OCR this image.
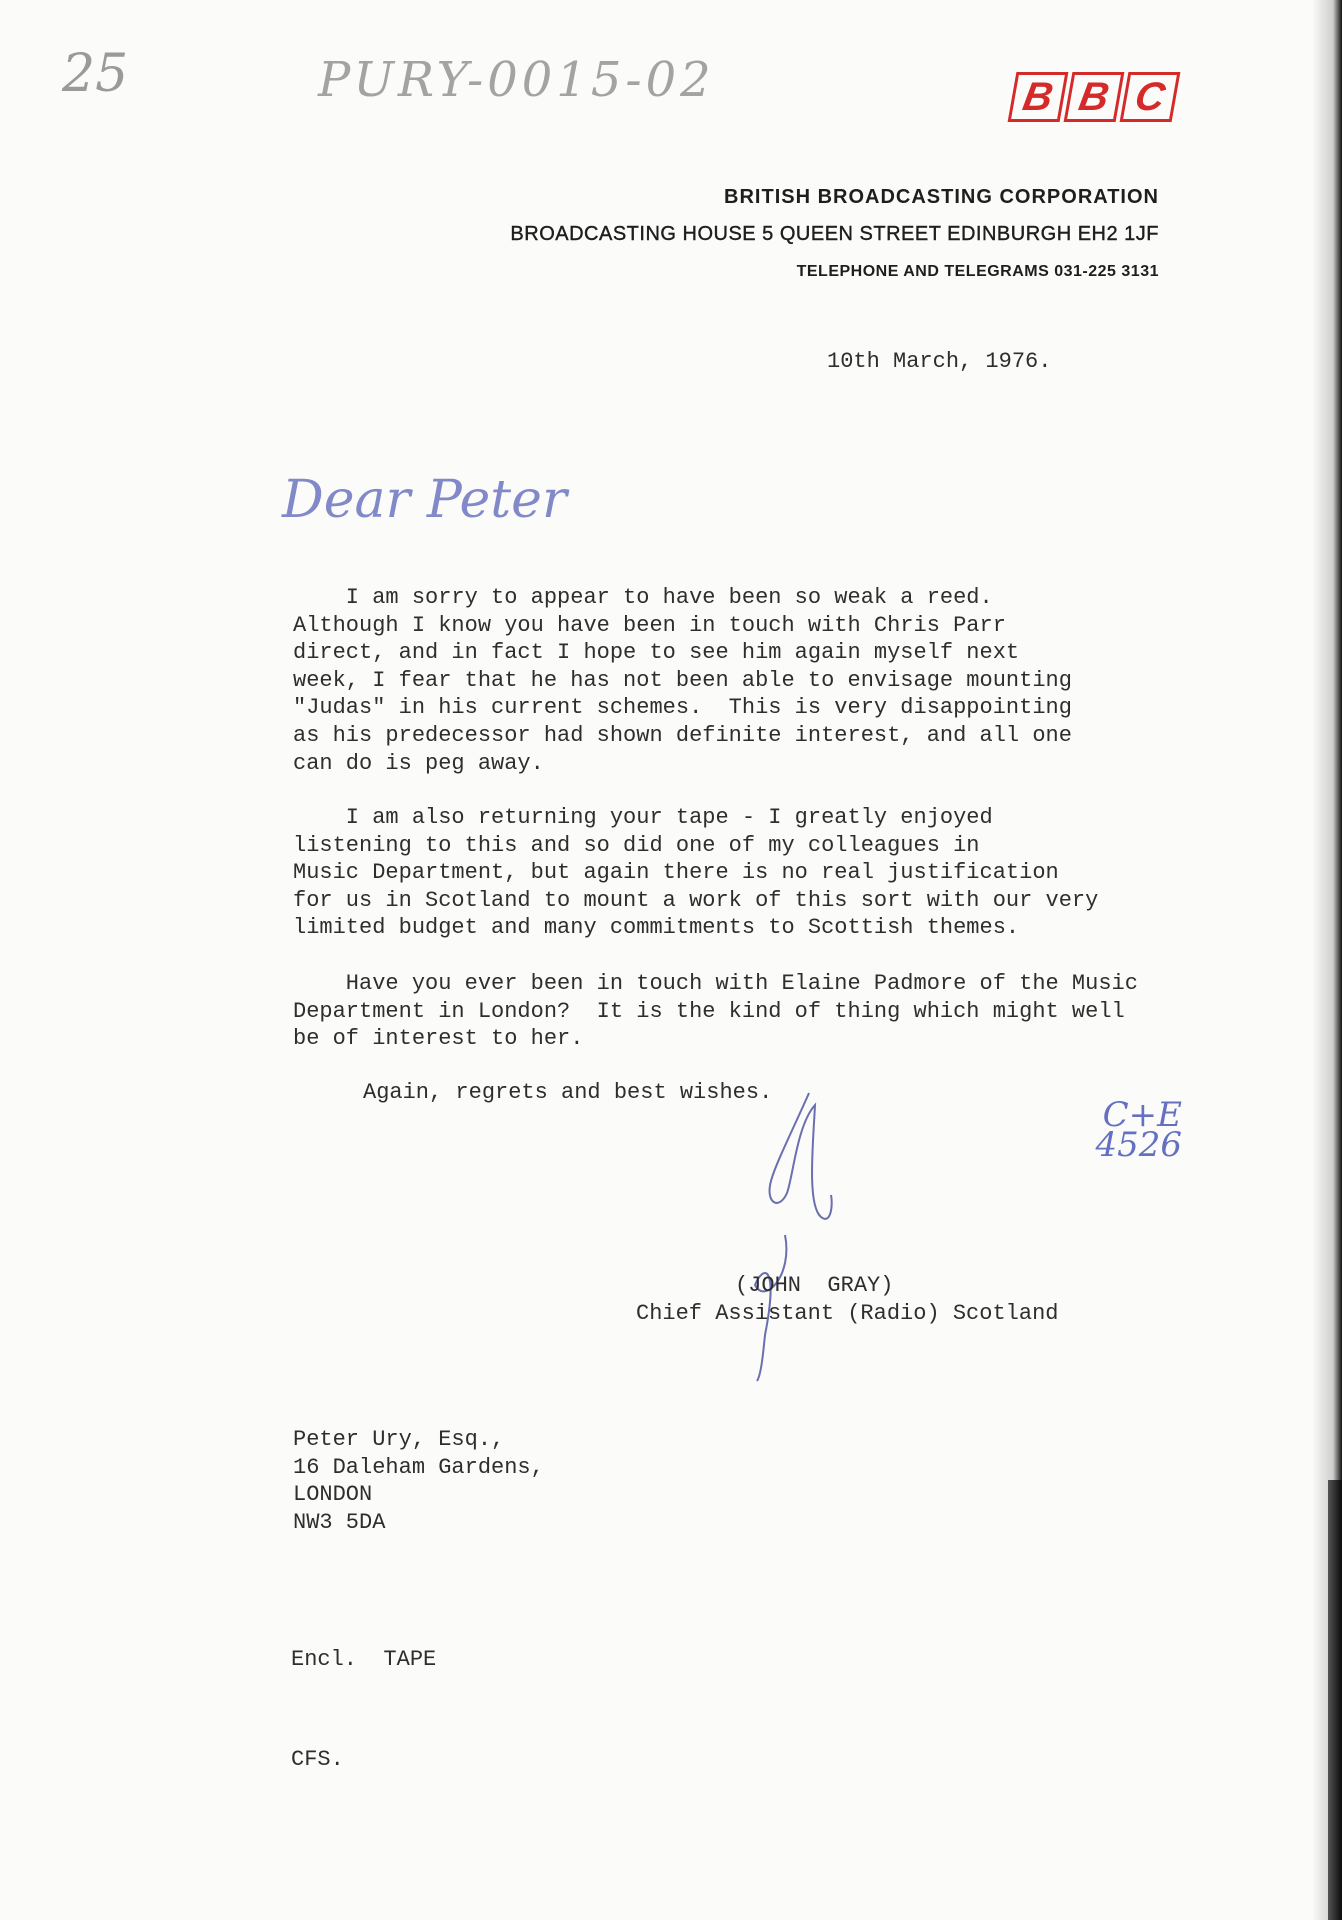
25	PURY-0015-02	B B C
BRITISH BROADCASTING CORPORATION
BROADCASTING HOUSE 5 QUEEN STREET EDINBURGH EH2 1JF
TELEPHONE AND TELEGRAMS 031-225 3131
10th March, 1976.
Dear Peter
I am sorry to appear to have been so weak a reed.
Although I know you have been in touch with Chris Parr
direct, and in fact I hope to see him again myself next
week, I fear that he has not been able to envisage mounting
"Judas" in his current schemes.  This is very disappointing
as his predecessor had shown definite interest, and all one
can do is peg away.
I am also returning your tape - I greatly enjoyed
listening to this and so did one of my colleagues in
Music Department, but again there is no real justification
for us in Scotland to mount a work of this sort with our very
limited budget and many commitments to Scottish themes.
Have you ever been in touch with Elaine Padmore of the Music
Department in London?  It is the kind of thing which might well
be of interest to her.
Again, regrets and best wishes.
C+E 4526
(JOHN  GRAY)
Chief Assistant (Radio) Scotland
Peter Ury, Esq.,
16 Daleham Gardens,
LONDON
NW3 5DA
Encl.  TAPE
CFS.
